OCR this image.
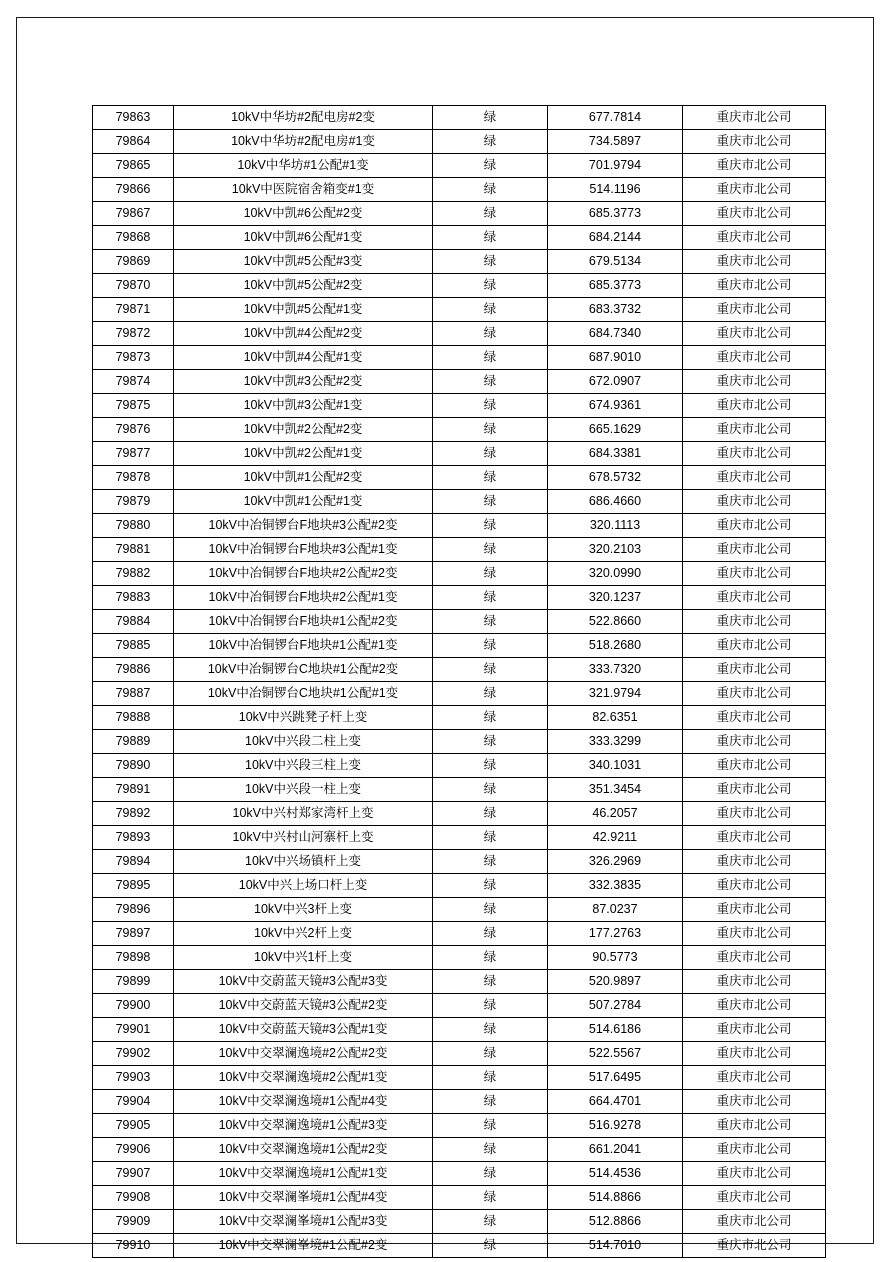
79863	10kV中华坊#2配电房#2变	绿	677.7814	重庆市北公司
79864	10kV中华坊#2配电房#1变	绿	734.5897	重庆市北公司
79865	10kV中华坊#1公配#1变	绿	701.9794	重庆市北公司
79866	10kV中医院宿舍箱变#1变	绿	514.1196	重庆市北公司
79867	10kV中凯#6公配#2变	绿	685.3773	重庆市北公司
79868	10kV中凯#6公配#1变	绿	684.2144	重庆市北公司
79869	10kV中凯#5公配#3变	绿	679.5134	重庆市北公司
79870	10kV中凯#5公配#2变	绿	685.3773	重庆市北公司
79871	10kV中凯#5公配#1变	绿	683.3732	重庆市北公司
79872	10kV中凯#4公配#2变	绿	684.7340	重庆市北公司
79873	10kV中凯#4公配#1变	绿	687.9010	重庆市北公司
79874	10kV中凯#3公配#2变	绿	672.0907	重庆市北公司
79875	10kV中凯#3公配#1变	绿	674.9361	重庆市北公司
79876	10kV中凯#2公配#2变	绿	665.1629	重庆市北公司
79877	10kV中凯#2公配#1变	绿	684.3381	重庆市北公司
79878	10kV中凯#1公配#2变	绿	678.5732	重庆市北公司
79879	10kV中凯#1公配#1变	绿	686.4660	重庆市北公司
79880	10kV中冶铜锣台F地块#3公配#2变	绿	320.1113	重庆市北公司
79881	10kV中冶铜锣台F地块#3公配#1变	绿	320.2103	重庆市北公司
79882	10kV中冶铜锣台F地块#2公配#2变	绿	320.0990	重庆市北公司
79883	10kV中冶铜锣台F地块#2公配#1变	绿	320.1237	重庆市北公司
79884	10kV中冶铜锣台F地块#1公配#2变	绿	522.8660	重庆市北公司
79885	10kV中冶铜锣台F地块#1公配#1变	绿	518.2680	重庆市北公司
79886	10kV中冶铜锣台C地块#1公配#2变	绿	333.7320	重庆市北公司
79887	10kV中冶铜锣台C地块#1公配#1变	绿	321.9794	重庆市北公司
79888	10kV中兴跳凳子杆上变	绿	82.6351	重庆市北公司
79889	10kV中兴段二柱上变	绿	333.3299	重庆市北公司
79890	10kV中兴段三柱上变	绿	340.1031	重庆市北公司
79891	10kV中兴段一柱上变	绿	351.3454	重庆市北公司
79892	10kV中兴村郑家湾杆上变	绿	46.2057	重庆市北公司
79893	10kV中兴村山河寨杆上变	绿	42.9211	重庆市北公司
79894	10kV中兴场镇杆上变	绿	326.2969	重庆市北公司
79895	10kV中兴上场口杆上变	绿	332.3835	重庆市北公司
79896	10kV中兴3杆上变	绿	87.0237	重庆市北公司
79897	10kV中兴2杆上变	绿	177.2763	重庆市北公司
79898	10kV中兴1杆上变	绿	90.5773	重庆市北公司
79899	10kV中交蔚蓝天镜#3公配#3变	绿	520.9897	重庆市北公司
79900	10kV中交蔚蓝天镜#3公配#2变	绿	507.2784	重庆市北公司
79901	10kV中交蔚蓝天镜#3公配#1变	绿	514.6186	重庆市北公司
79902	10kV中交翠澜逸境#2公配#2变	绿	522.5567	重庆市北公司
79903	10kV中交翠澜逸境#2公配#1变	绿	517.6495	重庆市北公司
79904	10kV中交翠澜逸境#1公配#4变	绿	664.4701	重庆市北公司
79905	10kV中交翠澜逸境#1公配#3变	绿	516.9278	重庆市北公司
79906	10kV中交翠澜逸境#1公配#2变	绿	661.2041	重庆市北公司
79907	10kV中交翠澜逸境#1公配#1变	绿	514.4536	重庆市北公司
79908	10kV中交翠澜峯境#1公配#4变	绿	514.8866	重庆市北公司
79909	10kV中交翠澜峯境#1公配#3变	绿	512.8866	重庆市北公司
79910	10kV中交翠澜峯境#1公配#2变	绿	514.7010	重庆市北公司
